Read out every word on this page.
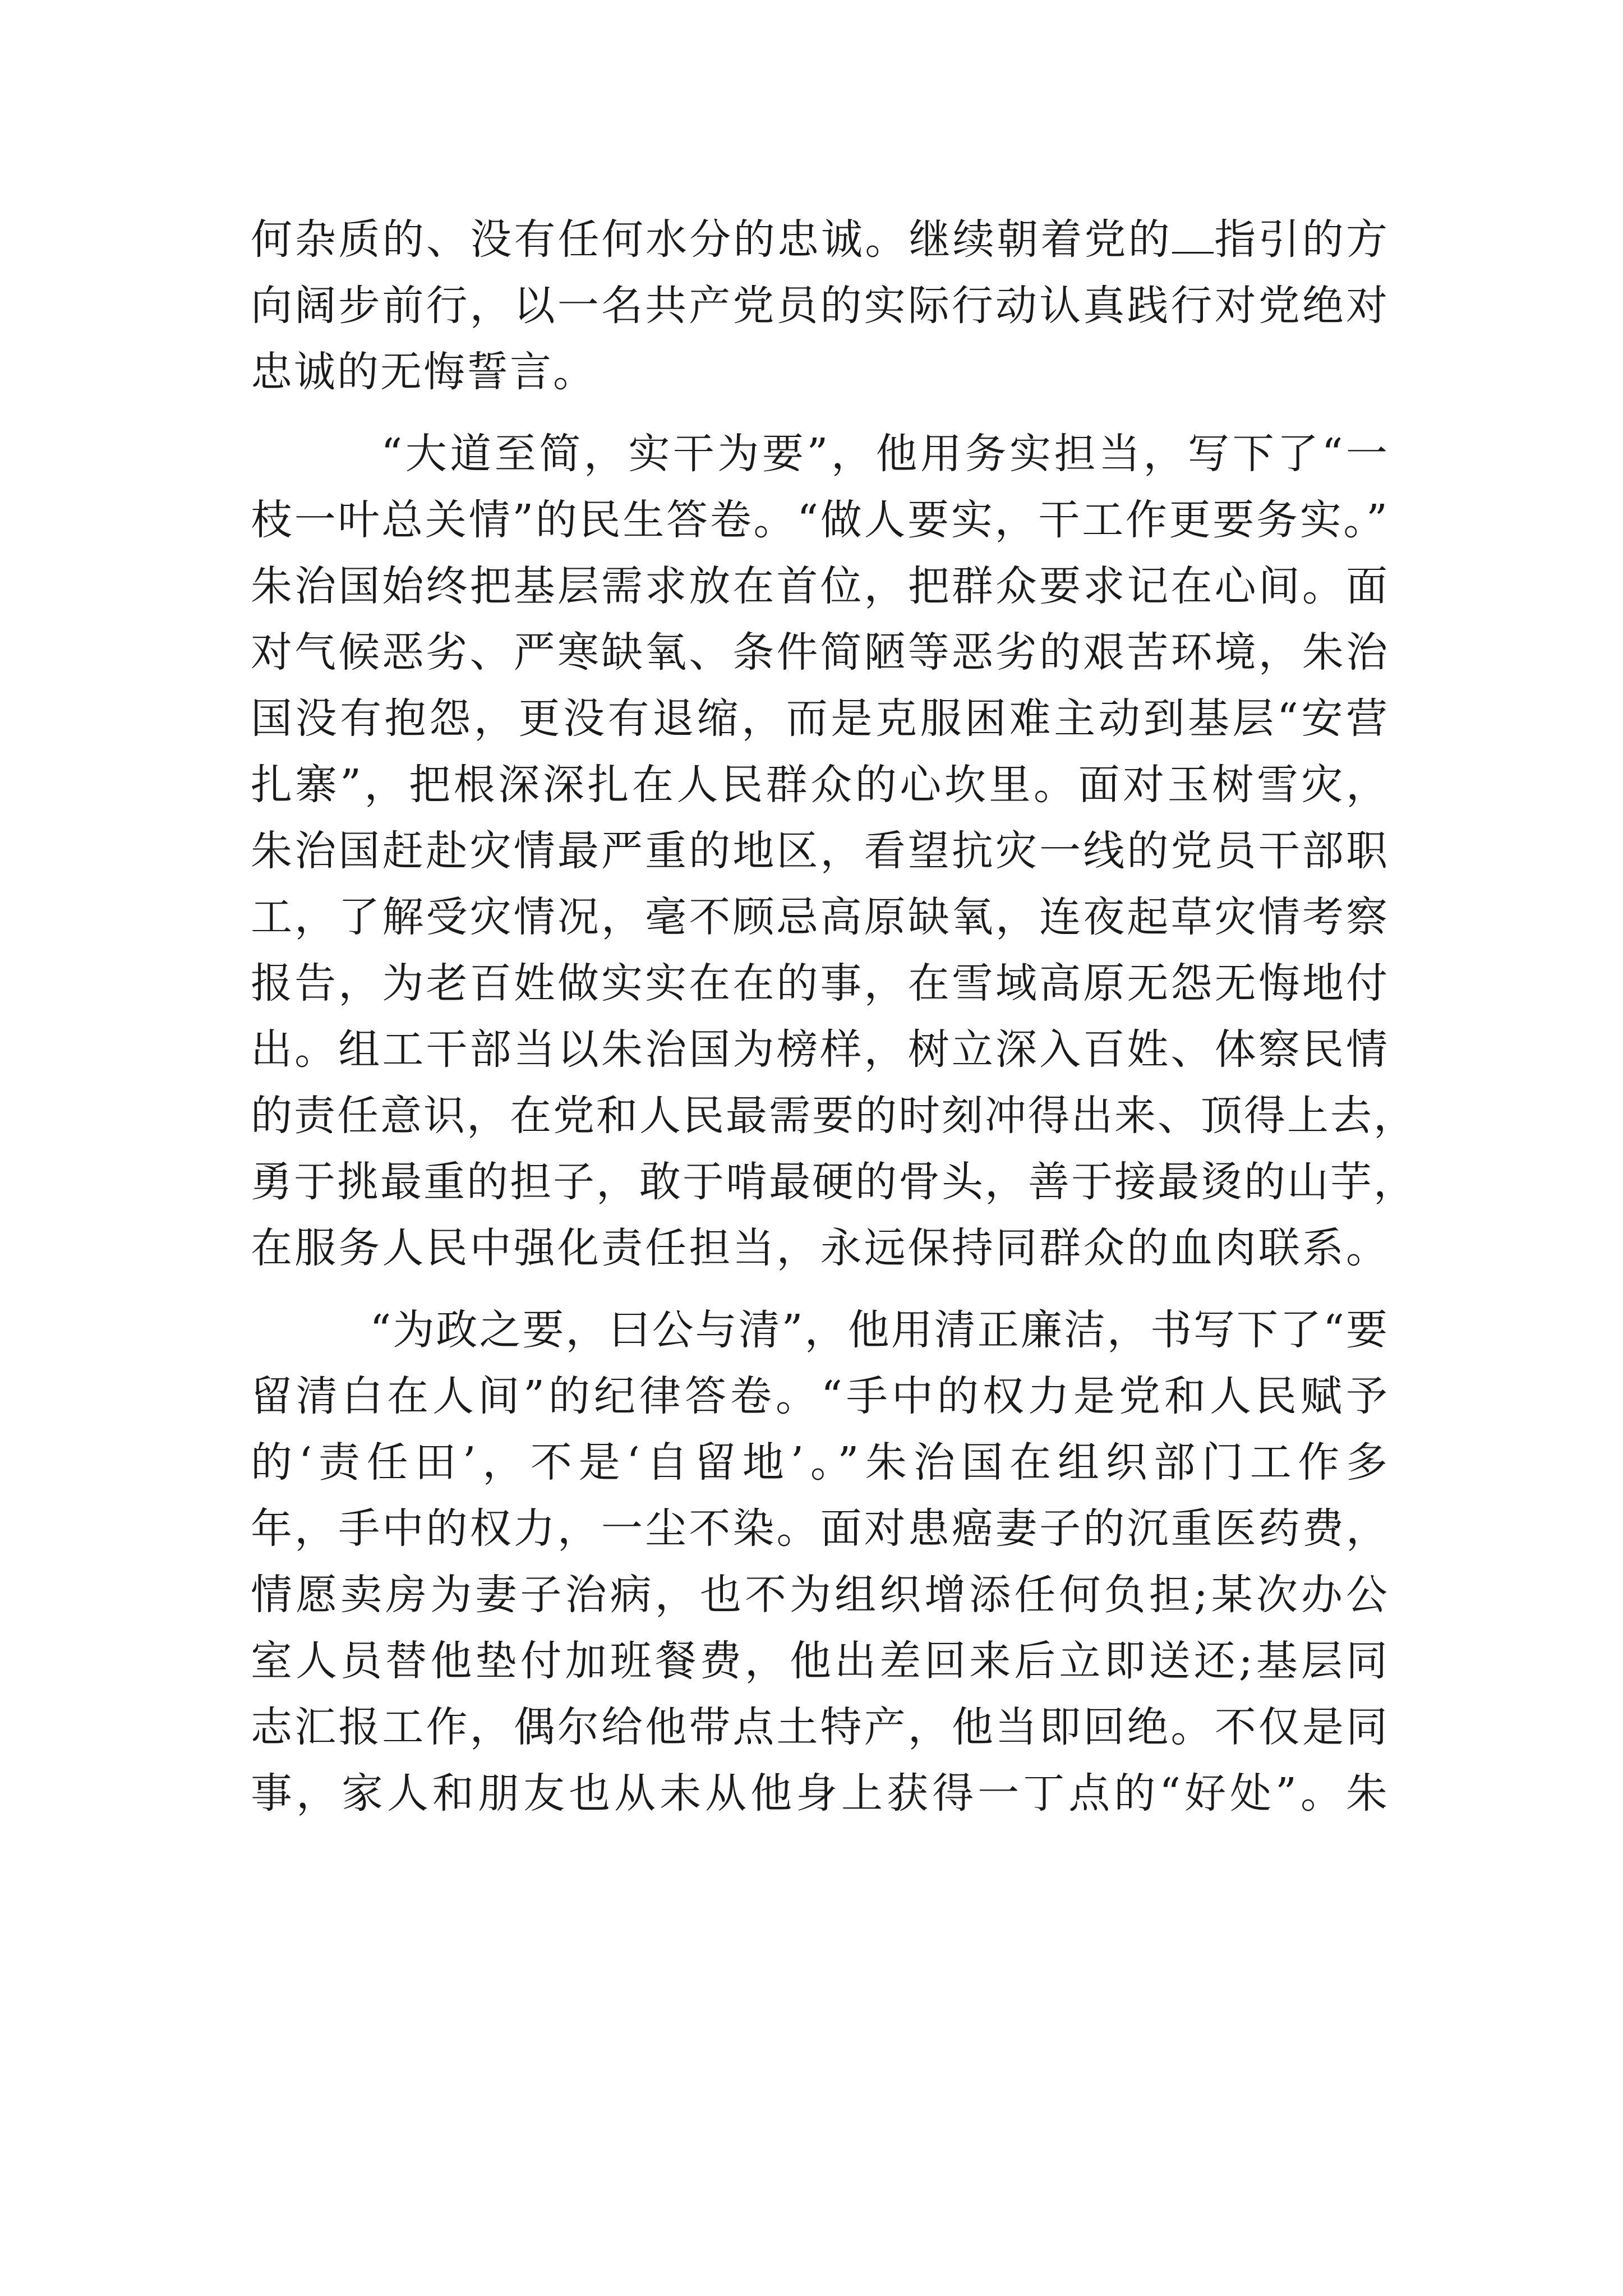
何杂质的、没有任何水分的忠诚。继续朝着党的 指引的方
向阔步前行，以一名共产党员的实际行动认真践行对党绝对
忠诚的无悔誓言。
“大道至简，实干为要”，他用务实担当，写下了“一
枝一叶总关情”的民生答卷。“做人要实，干工作更要务实。”
朱治国始终把基层需求放在首位，把群众要求记在心间。面
对气候恶劣、严寒缺氧、条件简陋等恶劣的艰苦环境，朱治
国没有抱怨，更没有退缩，而是克服困难主动到基层“安营
扎寨”，把根深深扎在人民群众的心坎里。面对玉树雪灾，
朱治国赶赴灾情最严重的地区，看望抗灾一线的党员干部职
工，了解受灾情况，毫不顾忌高原缺氧，连夜起草灾情考察
报告，为老百姓做实实在在的事，在雪域高原无怨无悔地付
出。组工干部当以朱治国为榜样，树立深入百姓、体察民情
的责任意识，在党和人民最需要的时刻冲得出来、顶得上去，
勇于挑最重的担子，敢于啃最硬的骨头，善于接最烫的山芋，
在服务人民中强化责任担当，永远保持同群众的血肉联系。
“为政之要，曰公与清”，他用清正廉洁，书写下了“要
留清白在人间”的纪律答卷。“手中的权力是党和人民赋予
的‘责任田’，不是‘自留地’。”朱治国在组织部门工作多
年，手中的权力，一尘不染。面对患癌妻子的沉重医药费，
情愿卖房为妻子治病，也不为组织增添任何负担;某次办公
室人员替他垫付加班餐费，他出差回来后立即送还;基层同
志汇报工作，偶尔给他带点土特产，他当即回绝。不仅是同
事，家人和朋友也从未从他身上获得一丁点的“好处”。朱
